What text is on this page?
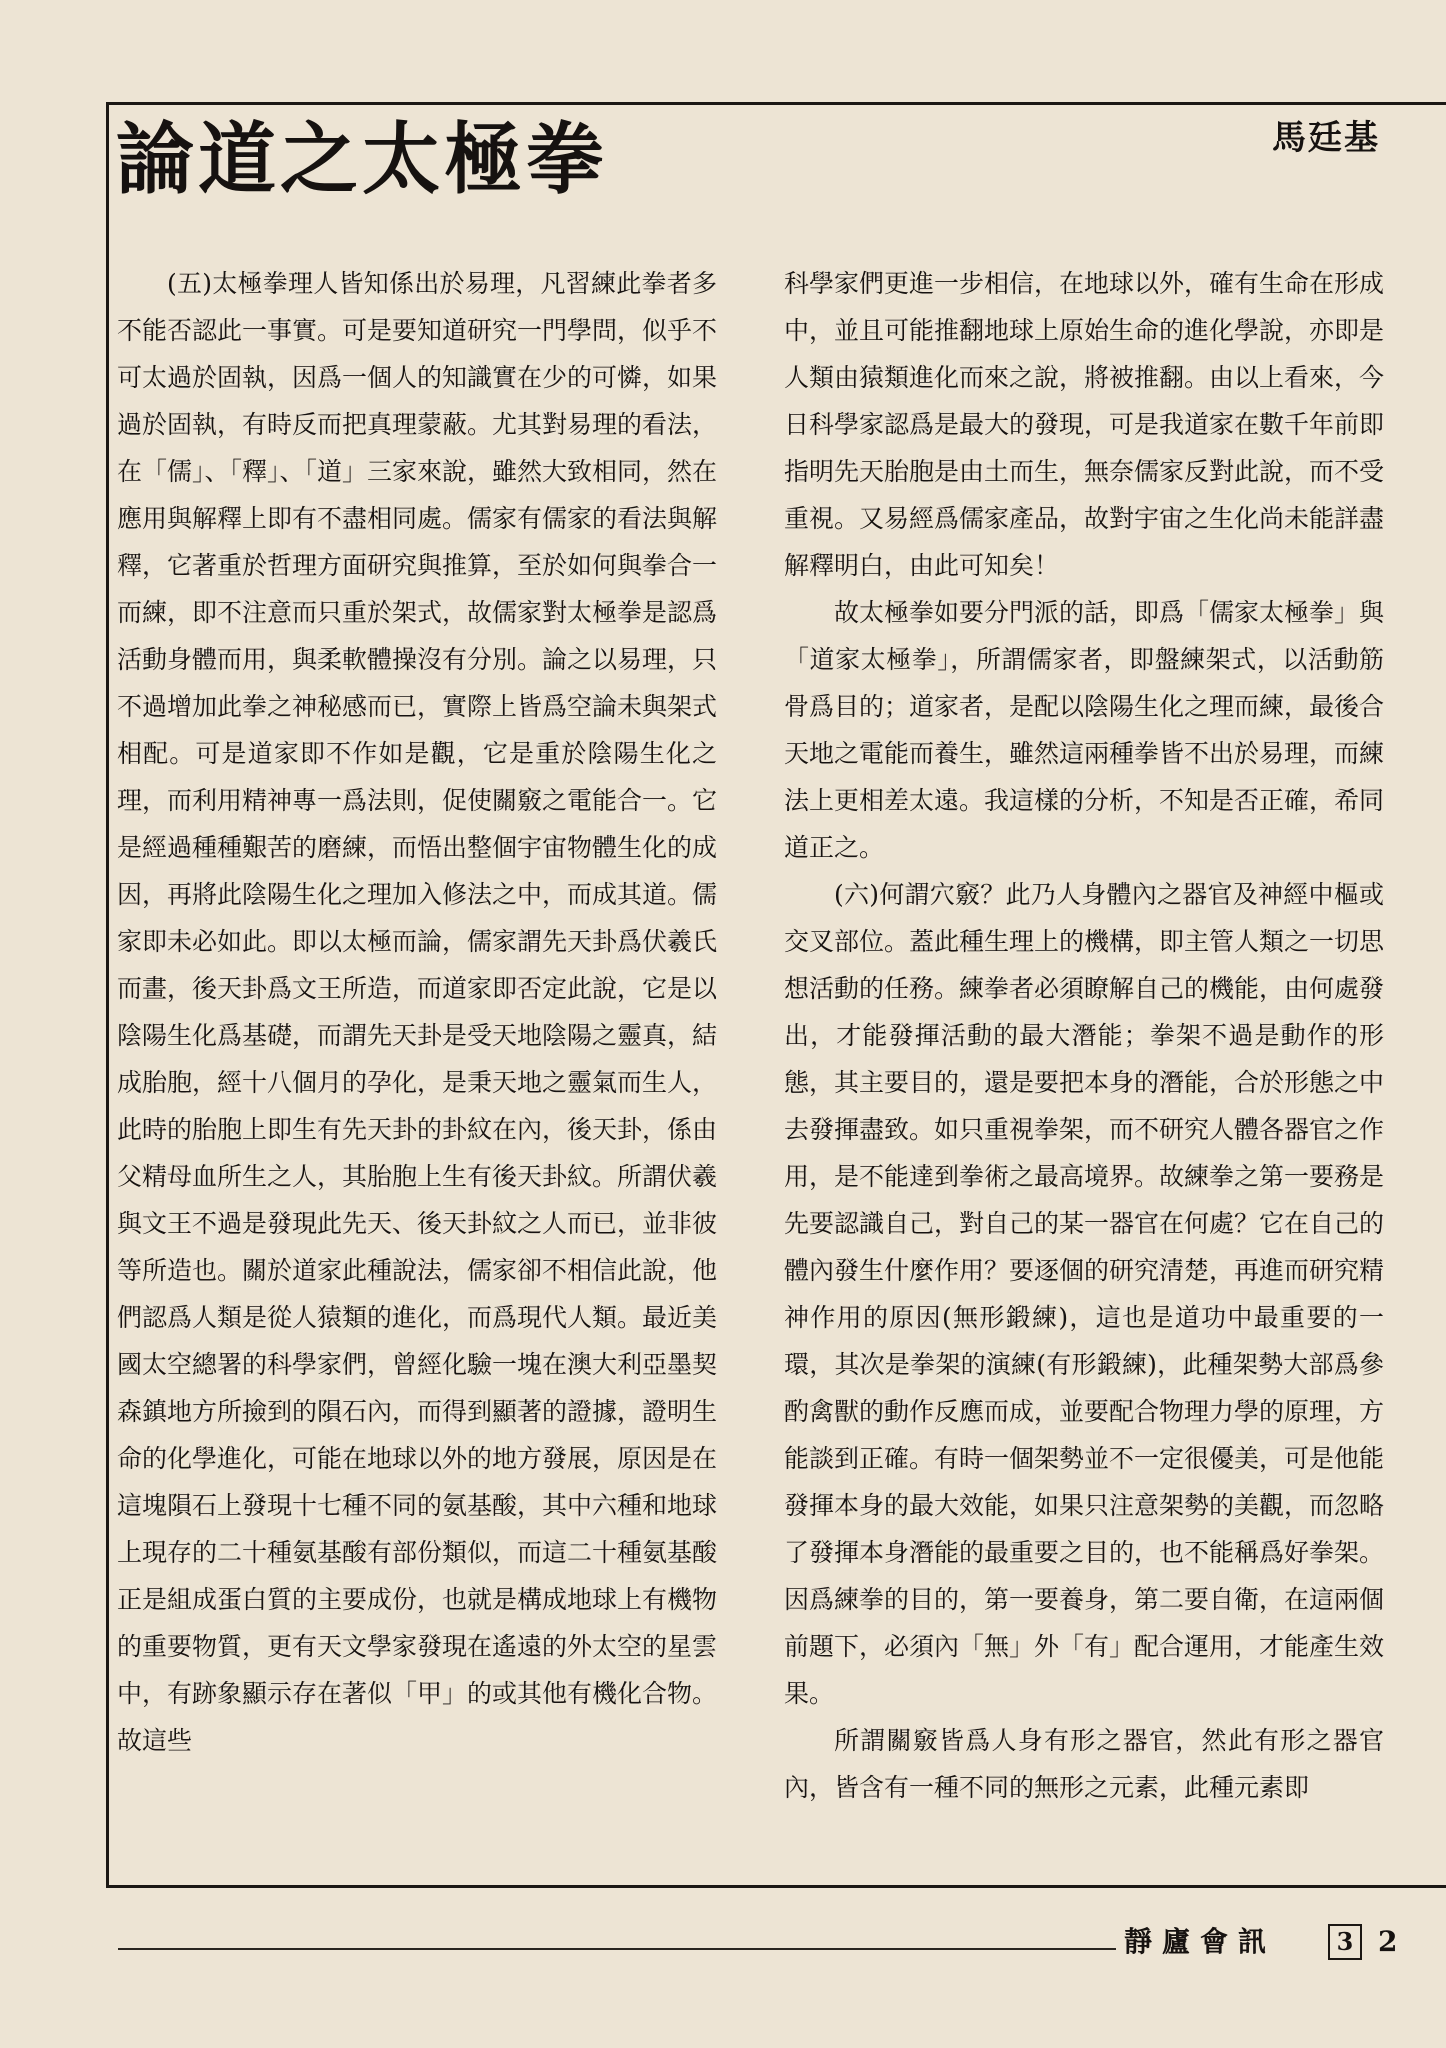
論道之太極拳	馬廷基

(五)太極拳理人皆知係出於易理，凡習練此拳者多不能否認此一事實。可是要知道研究一門學問，似乎不可太過於固執，因爲一個人的知識實在少的可憐，如果過於固執，有時反而把真理蒙蔽。尤其對易理的看法，在「儒」、「釋」、「道」三家來說，雖然大致相同，然在應用與解釋上即有不盡相同處。儒家有儒家的看法與解釋，它著重於哲理方面研究與推算，至於如何與拳合一而練，即不注意而只重於架式，故儒家對太極拳是認爲活動身體而用，與柔軟體操沒有分別。論之以易理，只不過增加此拳之神秘感而已，實際上皆爲空論未與架式相配。可是道家即不作如是觀，它是重於陰陽生化之理，而利用精神專一爲法則，促使關竅之電能合一。它是經過種種艱苦的磨練，而悟出整個宇宙物體生化的成因，再將此陰陽生化之理加入修法之中，而成其道。儒家即未必如此。即以太極而論，儒家謂先天卦爲伏羲氏而畫，後天卦爲文王所造，而道家即否定此說，它是以陰陽生化爲基礎，而謂先天卦是受天地陰陽之靈真，結成胎胞，經十八個月的孕化，是秉天地之靈氣而生人，此時的胎胞上即生有先天卦的卦紋在內，後天卦，係由父精母血所生之人，其胎胞上生有後天卦紋。所謂伏羲與文王不過是發現此先天、後天卦紋之人而已，並非彼等所造也。關於道家此種說法，儒家卻不相信此說，他們認爲人類是從人猿類的進化，而爲現代人類。最近美國太空總署的科學家們，曾經化驗一塊在澳大利亞墨契森鎮地方所撿到的隕石內，而得到顯著的證據，證明生命的化學進化，可能在地球以外的地方發展，原因是在這塊隕石上發現十七種不同的氨基酸，其中六種和地球上現存的二十種氨基酸有部份類似，而這二十種氨基酸正是組成蛋白質的主要成份，也就是構成地球上有機物的重要物質，更有天文學家發現在遙遠的外太空的星雲中，有跡象顯示存在著似「甲」的或其他有機化合物。故這些

科學家們更進一步相信，在地球以外，確有生命在形成中，並且可能推翻地球上原始生命的進化學說，亦即是人類由猿類進化而來之說，將被推翻。由以上看來，今日科學家認爲是最大的發現，可是我道家在數千年前即指明先天胎胞是由土而生，無奈儒家反對此說，而不受重視。又易經爲儒家產品，故對宇宙之生化尚未能詳盡解釋明白，由此可知矣！

故太極拳如要分門派的話，即爲「儒家太極拳」與「道家太極拳」，所謂儒家者，即盤練架式，以活動筋骨爲目的；道家者，是配以陰陽生化之理而練，最後合天地之電能而養生，雖然這兩種拳皆不出於易理，而練法上更相差太遠。我這樣的分析，不知是否正確，希同道正之。

(六)何謂穴竅？此乃人身體內之器官及神經中樞或交叉部位。蓋此種生理上的機構，即主管人類之一切思想活動的任務。練拳者必須瞭解自己的機能，由何處發出，才能發揮活動的最大潛能；拳架不過是動作的形態，其主要目的，還是要把本身的潛能，合於形態之中去發揮盡致。如只重視拳架，而不研究人體各器官之作用，是不能達到拳術之最高境界。故練拳之第一要務是先要認識自己，對自己的某一器官在何處？它在自己的體內發生什麼作用？要逐個的研究清楚，再進而研究精神作用的原因(無形鍛練)，這也是道功中最重要的一環，其次是拳架的演練(有形鍛練)，此種架勢大部爲參酌禽獸的動作反應而成，並要配合物理力學的原理，方能談到正確。有時一個架勢並不一定很優美，可是他能發揮本身的最大效能，如果只注意架勢的美觀，而忽略了發揮本身潛能的最重要之目的，也不能稱爲好拳架。因爲練拳的目的，第一要養身，第二要自衛，在這兩個前題下，必須內「無」外「有」配合運用，才能產生效果。

所謂關竅皆爲人身有形之器官，然此有形之器官內，皆含有一種不同的無形之元素，此種元素即

靜廬會訊	3 2
